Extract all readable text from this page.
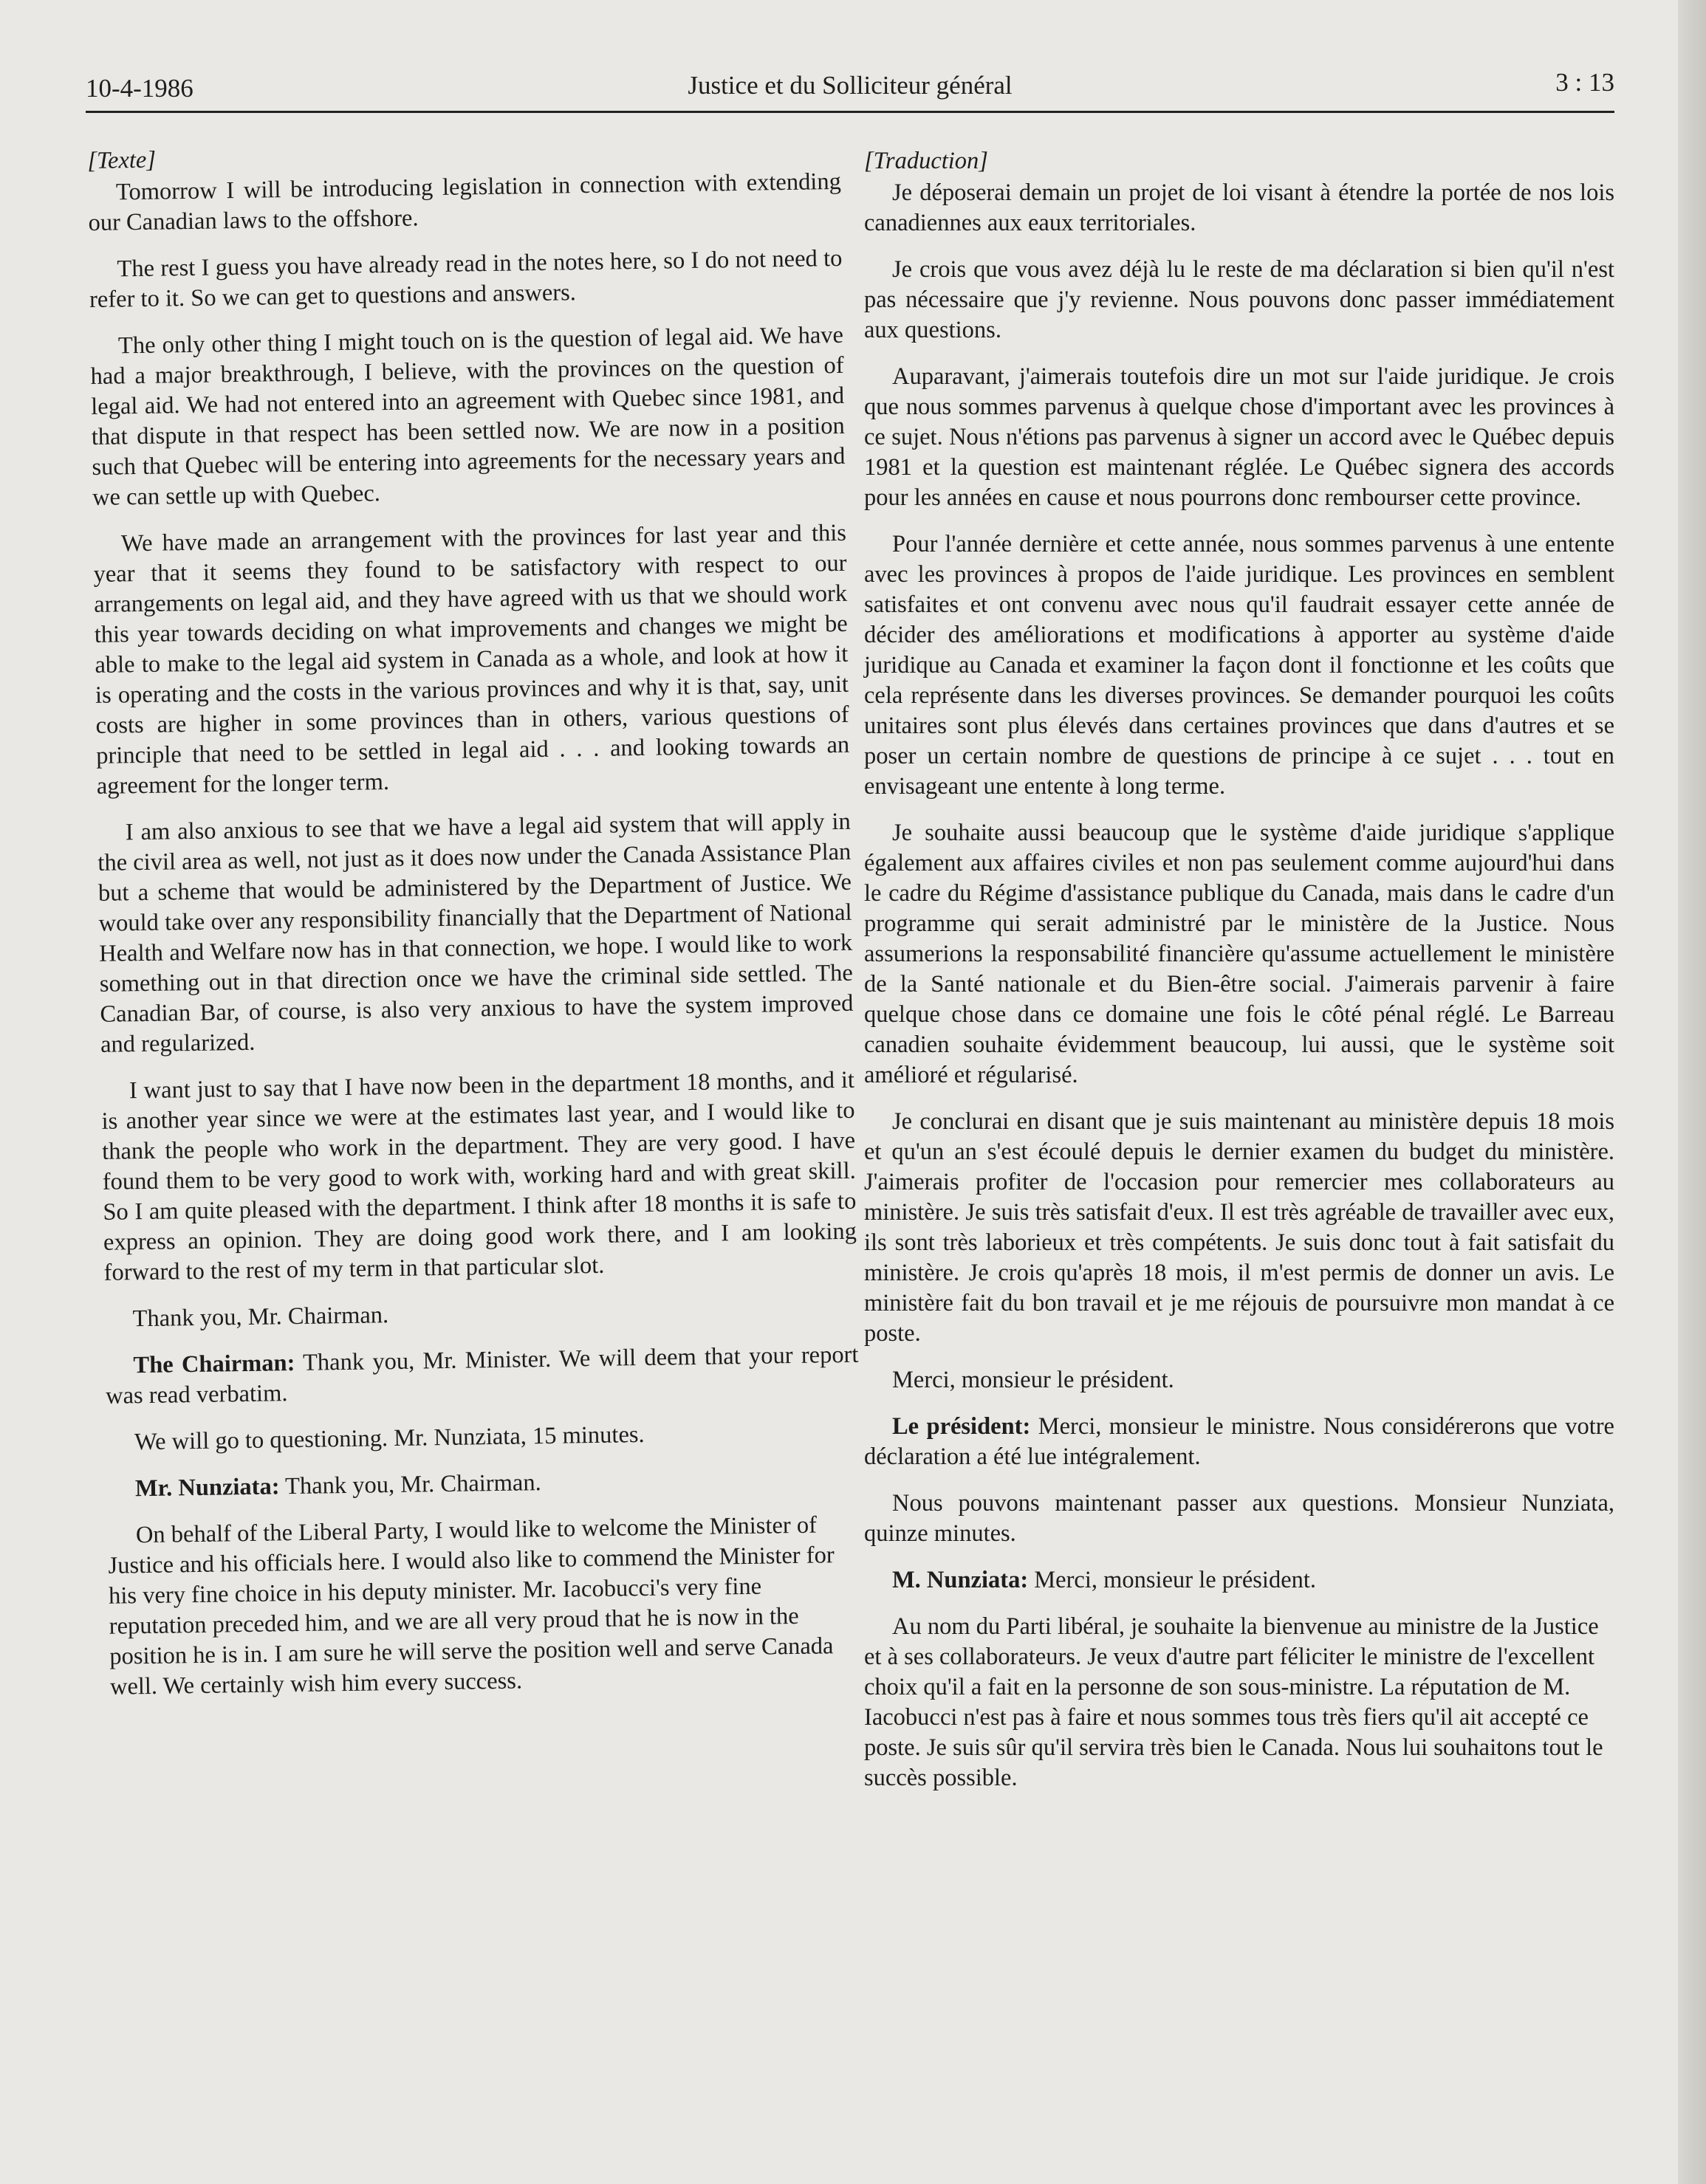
10-4-1986	Justice et du Solliciteur général	3 : 13

[Texte]

Tomorrow I will be introducing legislation in connection with extending our Canadian laws to the offshore.

The rest I guess you have already read in the notes here, so I do not need to refer to it. So we can get to questions and answers.

The only other thing I might touch on is the question of legal aid. We have had a major breakthrough, I believe, with the provinces on the question of legal aid. We had not entered into an agreement with Quebec since 1981, and that dispute in that respect has been settled now. We are now in a position such that Quebec will be entering into agreements for the necessary years and we can settle up with Quebec.

We have made an arrangement with the provinces for last year and this year that it seems they found to be satisfactory with respect to our arrangements on legal aid, and they have agreed with us that we should work this year towards deciding on what improvements and changes we might be able to make to the legal aid system in Canada as a whole, and look at how it is operating and the costs in the various provinces and why it is that, say, unit costs are higher in some provinces than in others, various questions of principle that need to be settled in legal aid . . . and looking towards an agreement for the longer term.

I am also anxious to see that we have a legal aid system that will apply in the civil area as well, not just as it does now under the Canada Assistance Plan but a scheme that would be administered by the Department of Justice. We would take over any responsibility financially that the Department of National Health and Welfare now has in that connection, we hope. I would like to work something out in that direction once we have the criminal side settled. The Canadian Bar, of course, is also very anxious to have the system improved and regularized.

I want just to say that I have now been in the department 18 months, and it is another year since we were at the estimates last year, and I would like to thank the people who work in the department. They are very good. I have found them to be very good to work with, working hard and with great skill. So I am quite pleased with the department. I think after 18 months it is safe to express an opinion. They are doing good work there, and I am looking forward to the rest of my term in that particular slot.

Thank you, Mr. Chairman.

The Chairman: Thank you, Mr. Minister. We will deem that your report was read verbatim.

We will go to questioning. Mr. Nunziata, 15 minutes.

Mr. Nunziata: Thank you, Mr. Chairman.

On behalf of the Liberal Party, I would like to welcome the Minister of Justice and his officials here. I would also like to commend the Minister for his very fine choice in his deputy minister. Mr. Iacobucci's very fine reputation preceded him, and we are all very proud that he is now in the position he is in. I am sure he will serve the position well and serve Canada well. We certainly wish him every success.

[Traduction]

Je déposerai demain un projet de loi visant à étendre la portée de nos lois canadiennes aux eaux territoriales.

Je crois que vous avez déjà lu le reste de ma déclaration si bien qu'il n'est pas nécessaire que j'y revienne. Nous pouvons donc passer immédiatement aux questions.

Auparavant, j'aimerais toutefois dire un mot sur l'aide juridique. Je crois que nous sommes parvenus à quelque chose d'important avec les provinces à ce sujet. Nous n'étions pas parvenus à signer un accord avec le Québec depuis 1981 et la question est maintenant réglée. Le Québec signera des accords pour les années en cause et nous pourrons donc rembourser cette province.

Pour l'année dernière et cette année, nous sommes parvenus à une entente avec les provinces à propos de l'aide juridique. Les provinces en semblent satisfaites et ont convenu avec nous qu'il faudrait essayer cette année de décider des améliorations et modifications à apporter au système d'aide juridique au Canada et examiner la façon dont il fonctionne et les coûts que cela représente dans les diverses provinces. Se demander pourquoi les coûts unitaires sont plus élevés dans certaines provinces que dans d'autres et se poser un certain nombre de questions de principe à ce sujet . . . tout en envisageant une entente à long terme.

Je souhaite aussi beaucoup que le système d'aide juridique s'applique également aux affaires civiles et non pas seulement comme aujourd'hui dans le cadre du Régime d'assistance publique du Canada, mais dans le cadre d'un programme qui serait administré par le ministère de la Justice. Nous assumerions la responsabilité financière qu'assume actuellement le ministère de la Santé nationale et du Bien-être social. J'aimerais parvenir à faire quelque chose dans ce domaine une fois le côté pénal réglé. Le Barreau canadien souhaite évidemment beaucoup, lui aussi, que le système soit amélioré et régularisé.

Je conclurai en disant que je suis maintenant au ministère depuis 18 mois et qu'un an s'est écoulé depuis le dernier examen du budget du ministère. J'aimerais profiter de l'occasion pour remercier mes collaborateurs au ministère. Je suis très satisfait d'eux. Il est très agréable de travailler avec eux, ils sont très laborieux et très compétents. Je suis donc tout à fait satisfait du ministère. Je crois qu'après 18 mois, il m'est permis de donner un avis. Le ministère fait du bon travail et je me réjouis de poursuivre mon mandat à ce poste.

Merci, monsieur le président.

Le président: Merci, monsieur le ministre. Nous considérerons que votre déclaration a été lue intégralement.

Nous pouvons maintenant passer aux questions. Monsieur Nunziata, quinze minutes.

M. Nunziata: Merci, monsieur le président.

Au nom du Parti libéral, je souhaite la bienvenue au ministre de la Justice et à ses collaborateurs. Je veux d'autre part féliciter le ministre de l'excellent choix qu'il a fait en la personne de son sous-ministre. La réputation de M. Iacobucci n'est pas à faire et nous sommes tous très fiers qu'il ait accepté ce poste. Je suis sûr qu'il servira très bien le Canada. Nous lui souhaitons tout le succès possible.
